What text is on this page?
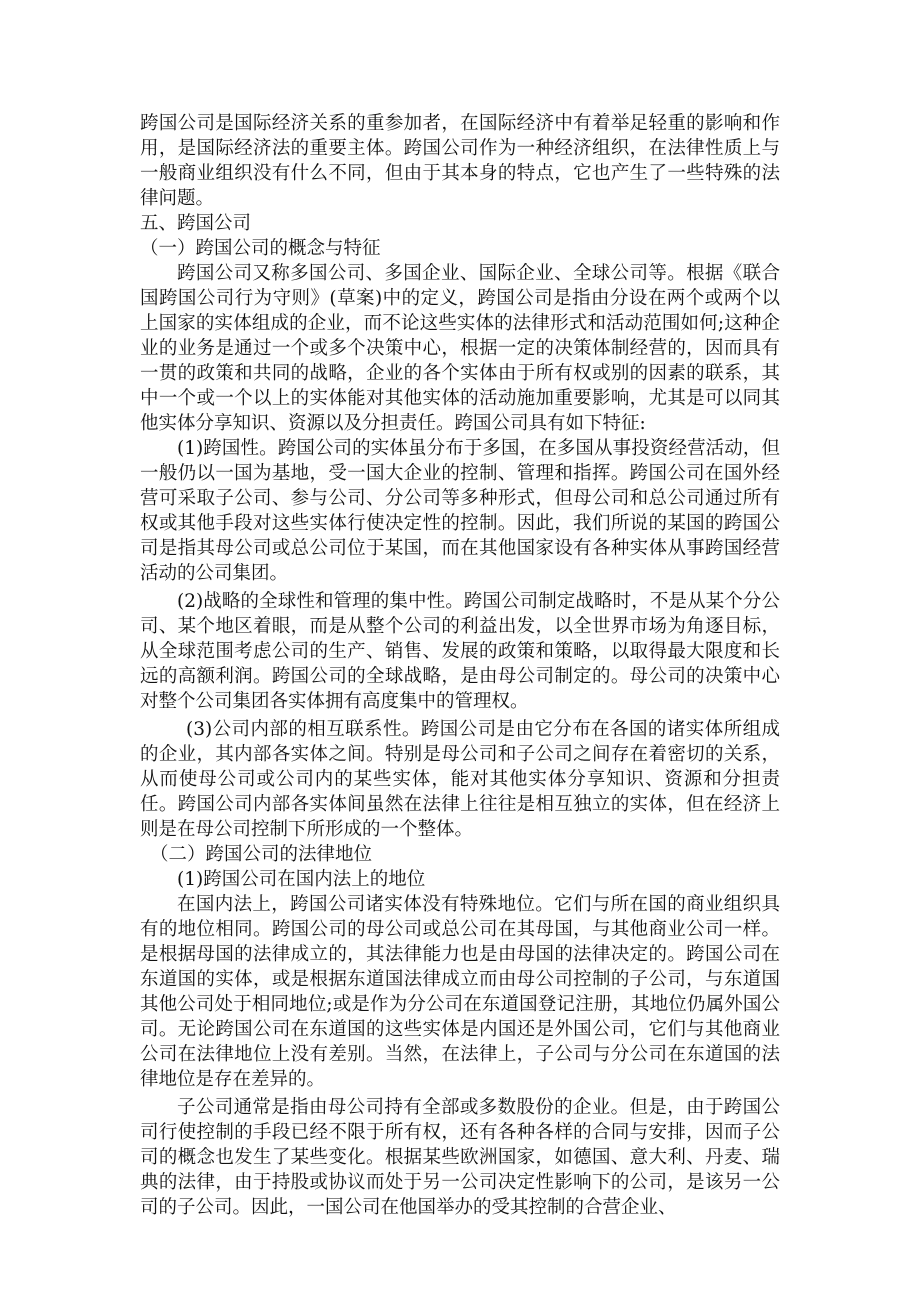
跨国公司是国际经济关系的重参加者，在国际经济中有着举足轻重的影响和作用，是国际经济法的重要主体。跨国公司作为一种经济组织，在法律性质上与一般商业组织没有什么不同，但由于其本身的特点，它也产生了一些特殊的法律问题。

五、跨国公司
（一）跨国公司的概念与特征

跨国公司又称多国公司、多国企业、国际企业、全球公司等。根据《联合国跨国公司行为守则》(草案)中的定义，跨国公司是指由分设在两个或两个以上国家的实体组成的企业，而不论这些实体的法律形式和活动范围如何;这种企业的业务是通过一个或多个决策中心，根据一定的决策体制经营的，因而具有一贯的政策和共同的战略，企业的各个实体由于所有权或别的因素的联系，其中一个或一个以上的实体能对其他实体的活动施加重要影响，尤其是可以同其他实体分享知识、资源以及分担责任。跨国公司具有如下特征:

(1)跨国性。跨国公司的实体虽分布于多国，在多国从事投资经营活动，但一般仍以一国为基地，受一国大企业的控制、管理和指挥。跨国公司在国外经营可采取子公司、参与公司、分公司等多种形式，但母公司和总公司通过所有权或其他手段对这些实体行使决定性的控制。因此，我们所说的某国的跨国公司是指其母公司或总公司位于某国，而在其他国家设有各种实体从事跨国经营活动的公司集团。

(2)战略的全球性和管理的集中性。跨国公司制定战略时，不是从某个分公司、某个地区着眼，而是从整个公司的利益出发，以全世界市场为角逐目标，从全球范围考虑公司的生产、销售、发展的政策和策略，以取得最大限度和长远的高额利润。跨国公司的全球战略，是由母公司制定的。母公司的决策中心对整个公司集团各实体拥有高度集中的管理权。

(3)公司内部的相互联系性。跨国公司是由它分布在各国的诸实体所组成的企业，其内部各实体之间。特别是母公司和子公司之间存在着密切的关系，从而使母公司或公司内的某些实体，能对其他实体分享知识、资源和分担责任。跨国公司内部各实体间虽然在法律上往往是相互独立的实体，但在经济上则是在母公司控制下所形成的一个整体。

（二）跨国公司的法律地位

(1)跨国公司在国内法上的地位

在国内法上，跨国公司诸实体没有特殊地位。它们与所在国的商业组织具有的地位相同。跨国公司的母公司或总公司在其母国，与其他商业公司一样。是根据母国的法律成立的，其法律能力也是由母国的法律决定的。跨国公司在东道国的实体，或是根据东道国法律成立而由母公司控制的子公司，与东道国其他公司处于相同地位;或是作为分公司在东道国登记注册，其地位仍属外国公司。无论跨国公司在东道国的这些实体是内国还是外国公司，它们与其他商业公司在法律地位上没有差别。当然，在法律上，子公司与分公司在东道国的法律地位是存在差异的。

子公司通常是指由母公司持有全部或多数股份的企业。但是，由于跨国公司行使控制的手段已经不限于所有权，还有各种各样的合同与安排，因而子公司的概念也发生了某些变化。根据某些欧洲国家，如德国、意大利、丹麦、瑞典的法律，由于持股或协议而处于另一公司决定性影响下的公司，是该另一公司的子公司。因此，一国公司在他国举办的受其控制的合营企业、
